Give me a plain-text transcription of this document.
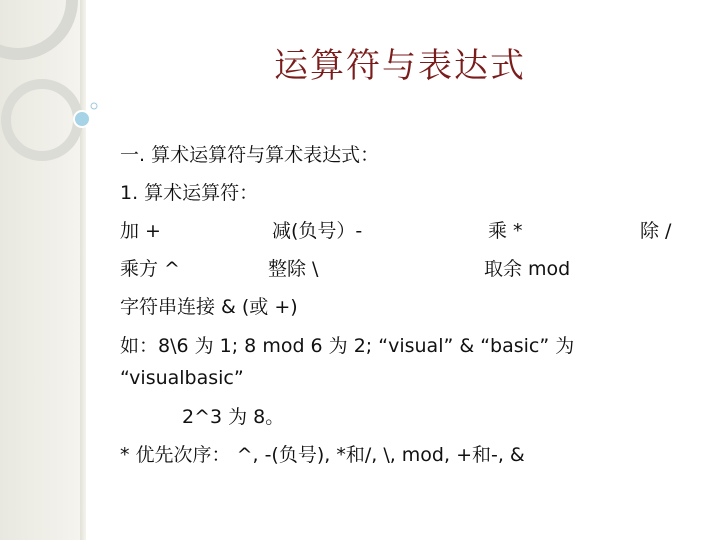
运算符与表达式
一. 算术运算符与算术表达式：
1. 算术运算符：
加 +	减(负号）-	乘 *	除 /
乘方 ^	整除 \	取余 mod
字符串连接 & (或 +)
如：8\6 为 1; 8 mod 6 为 2; “visual” & “basic” 为
“visualbasic”
2^3 为 8。
* 优先次序： ^, -(负号), *和/, \, mod, +和-, &
